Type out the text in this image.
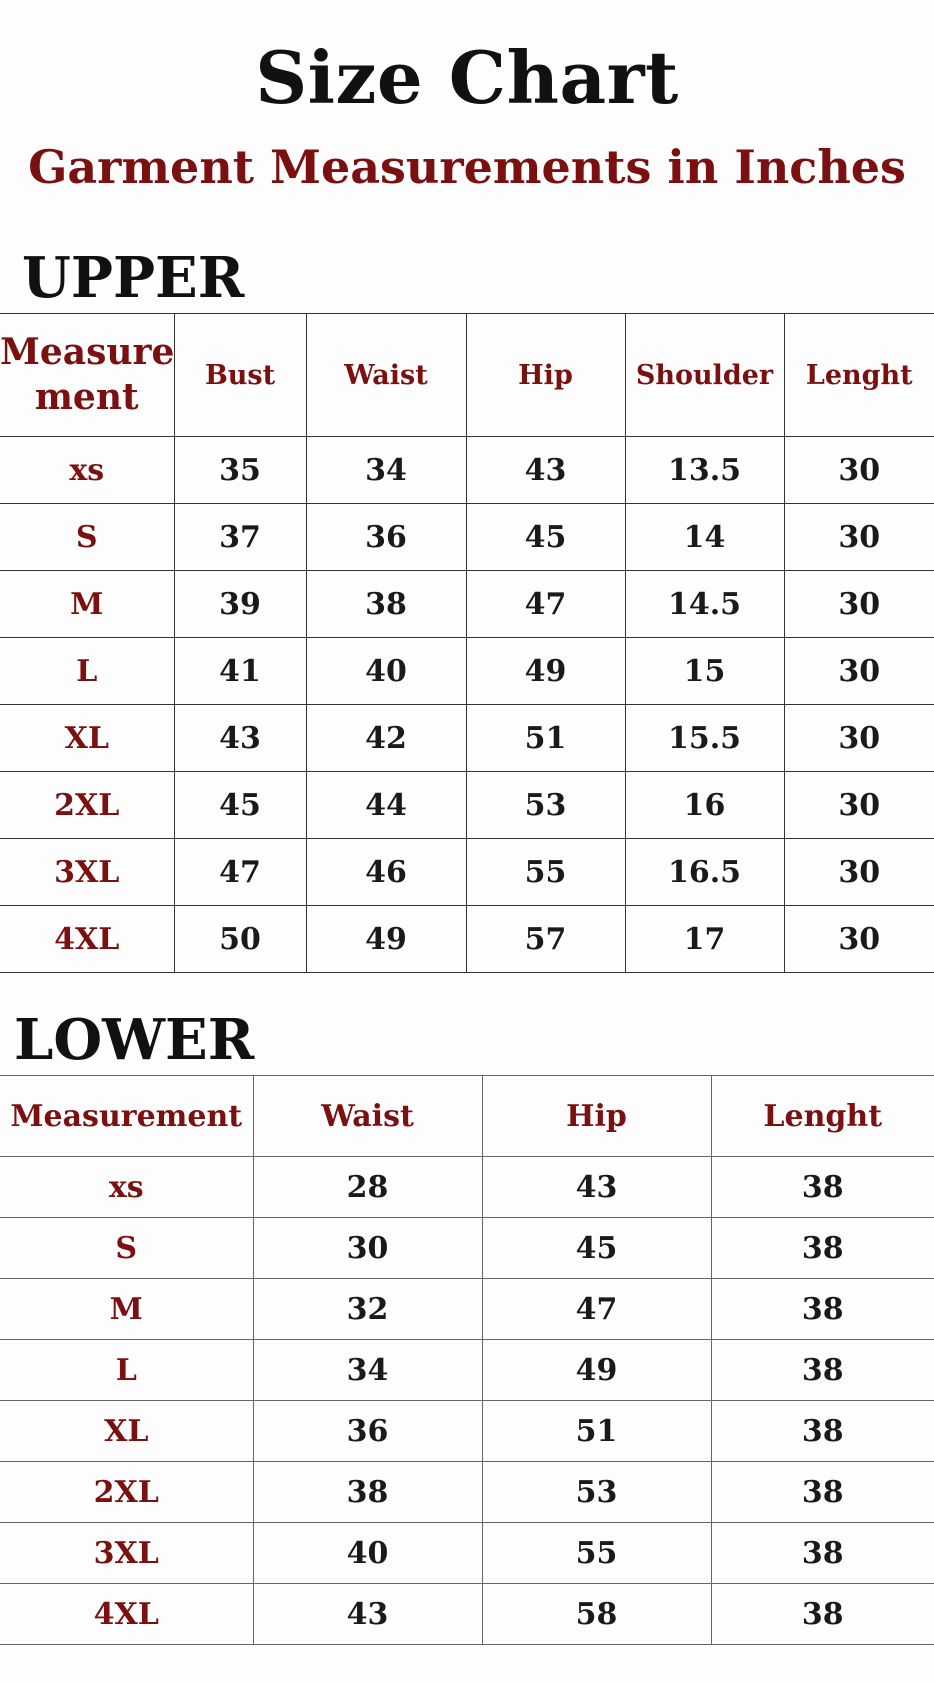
Size Chart
Garment Measurements in Inches
UPPER
Measure ment	Bust	Waist	Hip	Shoulder	Lenght
xs	35	34	43	13.5	30
S	37	36	45	14	30
M	39	38	47	14.5	30
L	41	40	49	15	30
XL	43	42	51	15.5	30
2XL	45	44	53	16	30
3XL	47	46	55	16.5	30
4XL	50	49	57	17	30
LOWER
Measurement	Waist	Hip	Lenght
xs	28	43	38
S	30	45	38
M	32	47	38
L	34	49	38
XL	36	51	38
2XL	38	53	38
3XL	40	55	38
4XL	43	58	38
